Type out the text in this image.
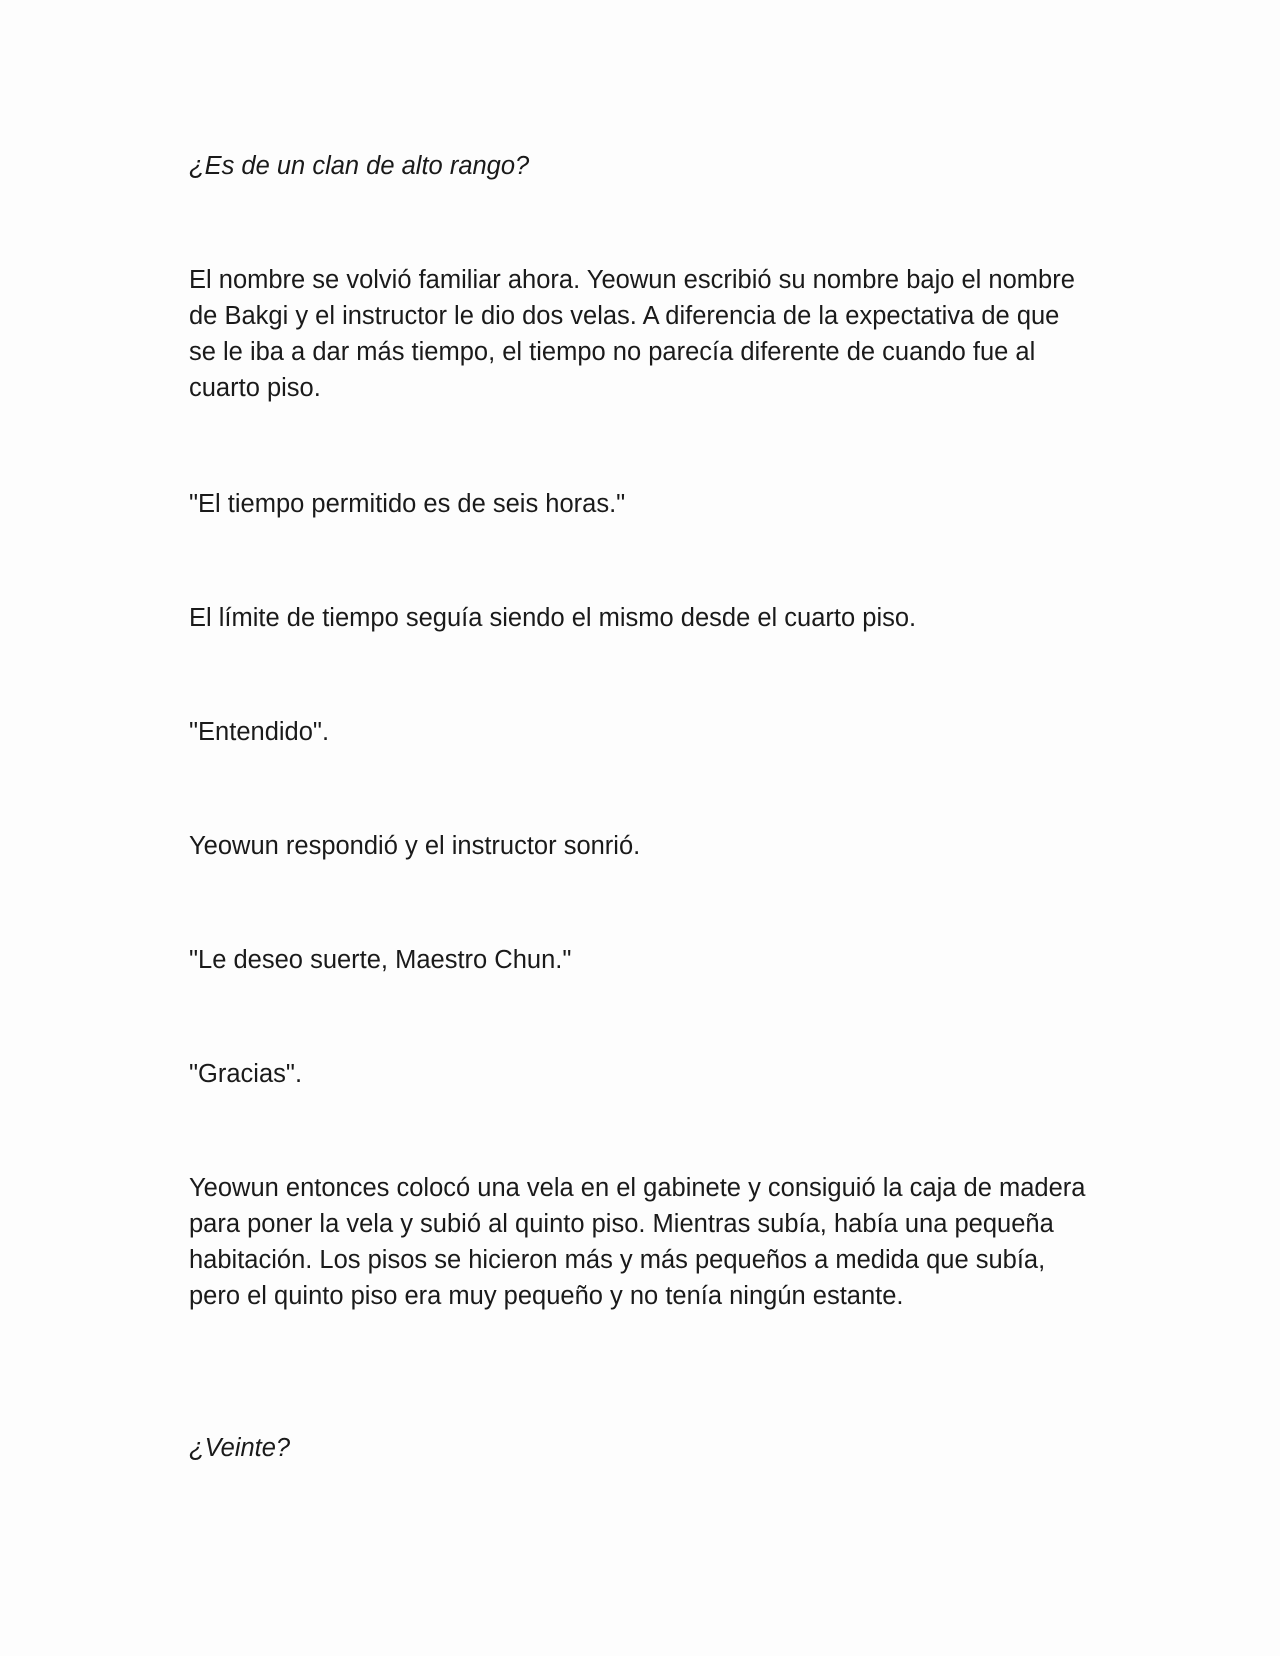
¿Es de un clan de alto rango?

El nombre se volvió familiar ahora. Yeowun escribió su nombre bajo el nombre de Bakgi y el instructor le dio dos velas. A diferencia de la expectativa de que se le iba a dar más tiempo, el tiempo no parecía diferente de cuando fue al cuarto piso.

"El tiempo permitido es de seis horas."

El límite de tiempo seguía siendo el mismo desde el cuarto piso.

"Entendido".

Yeowun respondió y el instructor sonrió.

"Le deseo suerte, Maestro Chun."

"Gracias".

Yeowun entonces colocó una vela en el gabinete y consiguió la caja de madera para poner la vela y subió al quinto piso. Mientras subía, había una pequeña habitación. Los pisos se hicieron más y más pequeños a medida que subía, pero el quinto piso era muy pequeño y no tenía ningún estante.

¿Veinte?
